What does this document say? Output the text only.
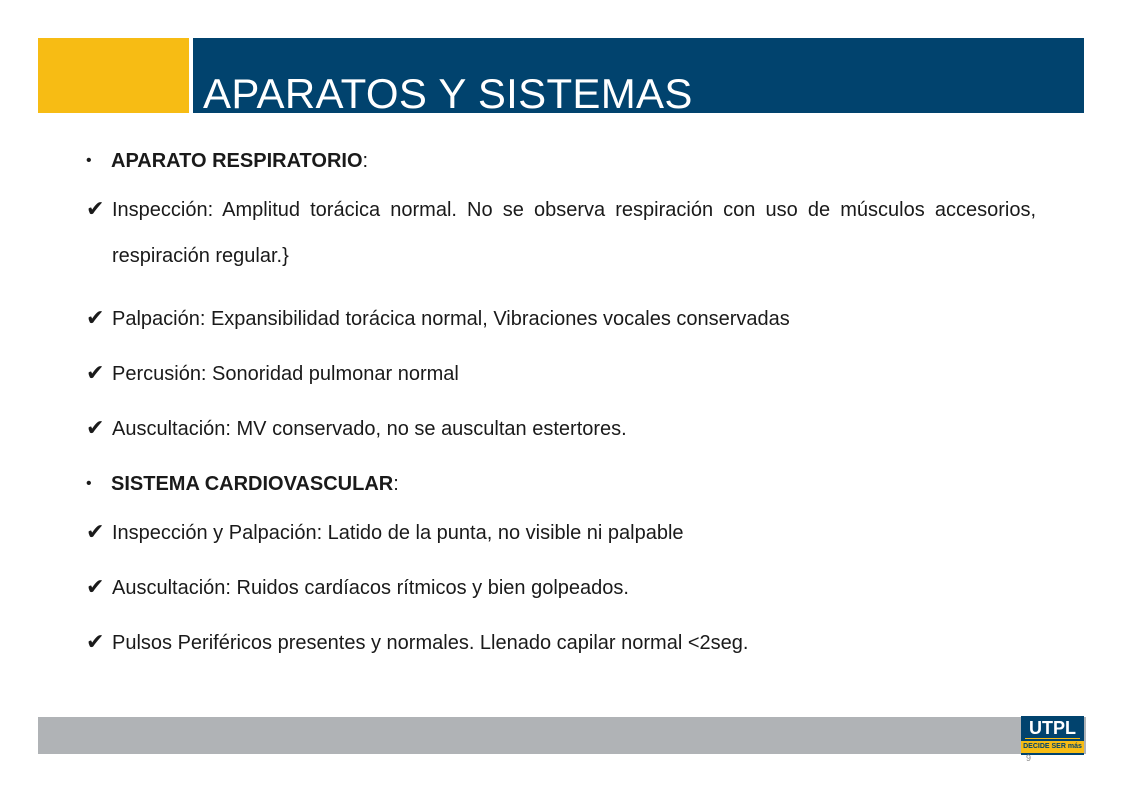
APARATOS Y SISTEMAS

• APARATO RESPIRATORIO:

✔ Inspección: Amplitud torácica normal. No se observa respiración con uso de músculos accesorios, respiración regular.}

✔ Palpación: Expansibilidad torácica normal, Vibraciones vocales conservadas

✔ Percusión: Sonoridad pulmonar normal

✔ Auscultación: MV conservado, no se auscultan estertores.

• SISTEMA CARDIOVASCULAR:

✔ Inspección y Palpación: Latido de la punta, no visible ni palpable

✔ Auscultación: Ruidos cardíacos rítmicos y bien golpeados.

✔ Pulsos Periféricos presentes y normales. Llenado capilar normal <2seg.

UTPL
DECIDE SER más
9
